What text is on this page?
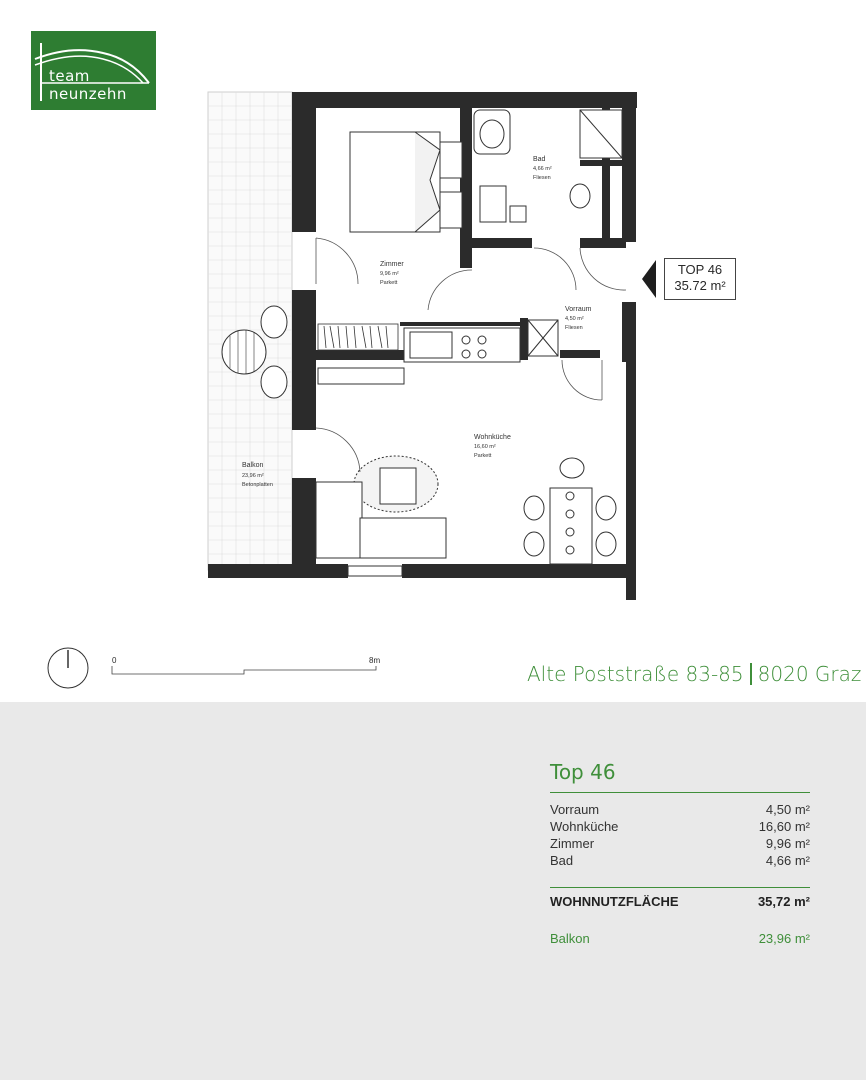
team
neunzehn
Zimmer
9,96 m²
Parkett
Bad
4,66 m²
Fliesen
Vorraum
4,50 m²
Fliesen
Wohnküche
16,60 m²
Parkett
Balkon
23,96 m²
Betonplatten
TOP 46
35.72 m²
0	8m
Alte Poststraße 83-85 8020 Graz
Top 46
Vorraum	4,50 m²
Wohnküche	16,60 m²
Zimmer	9,96 m²
Bad	4,66 m²
WOHNNUTZFLÄCHE	35,72 m²
Balkon	23,96 m²
